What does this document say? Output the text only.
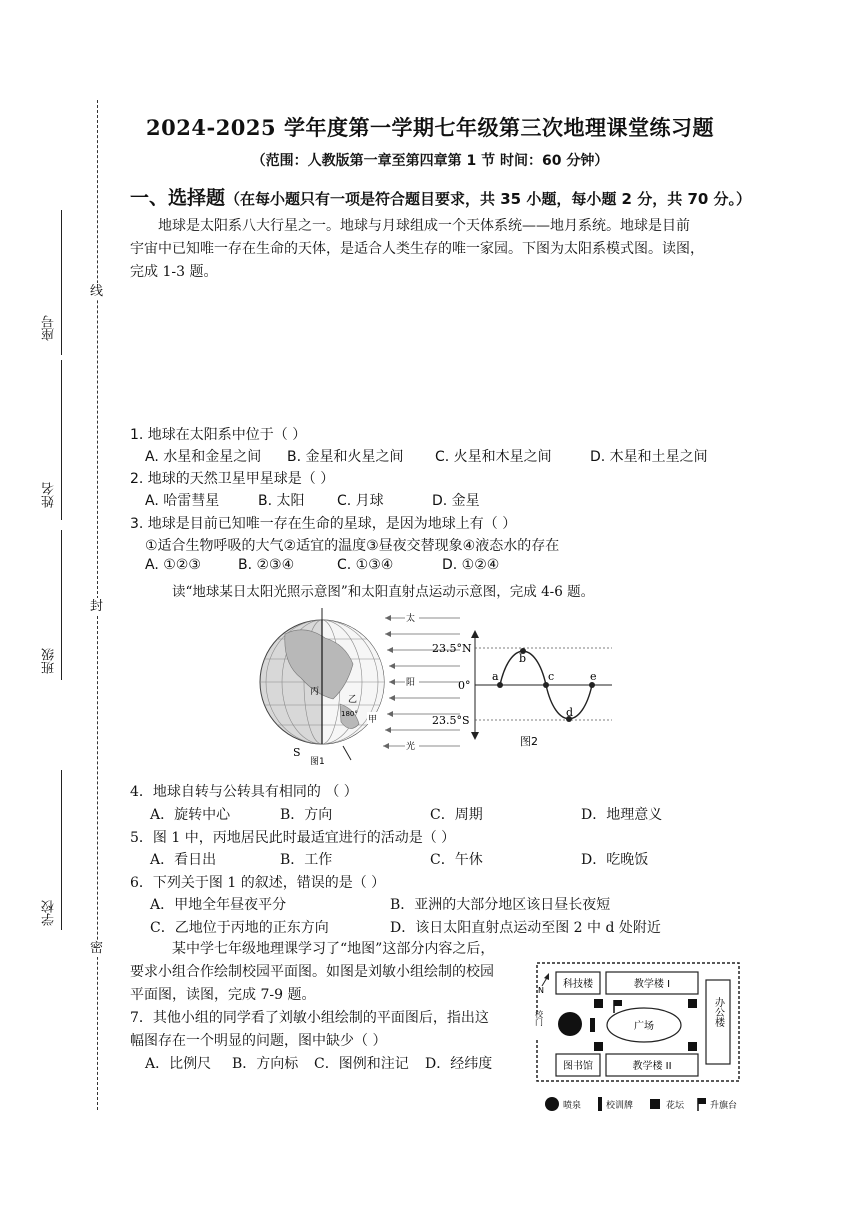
线
封
密
座号
姓名
班级
学校
2024-2025 学年度第一学期七年级第三次地理课堂练习题
（范围：人教版第一章至第四章第 1 节 时间：60 分钟）
一、选择题（在每小题只有一项是符合题目要求，共 35 小题，每小题 2 分，共 70 分。）
地球是太阳系八大行星之一。地球与月球组成一个天体系统——地月系统。地球是目前
宇宙中已知唯一存在生命的天体，是适合人类生存的唯一家园。下图为太阳系模式图。读图，
完成 1-3 题。
1. 地球在太阳系中位于（ ）
A. 水星和金星之间 B. 金星和火星之间 C. 火星和木星之间	D. 木星和土星之间
2. 地球的天然卫星甲星球是（ ）
A. 哈雷彗星	B. 太阳 C. 月球	D. 金星
3. 地球是目前已知唯一存在生命的星球，是因为地球上有（ ）
①适合生物呼吸的大气②适宜的温度③昼夜交替现象④液态水的存在
A. ①②③	B. ②③④	C. ①③④	D. ①②④
读“地球某日太阳光照示意图”和太阳直射点运动示意图，完成 4-6 题。
S
丙
180°
乙
太
阳
光
甲
图1
23.5°N
0°
23.5°S
a
b
c
d
e
图2
4．地球自转与公转具有相同的 （ ）
A．旋转中心	B．方向	C．周期	D．地理意义
5．图 1 中，丙地居民此时最适宜进行的活动是（ ）
A．看日出	B．工作	C．午休	D．吃晚饭
6．下列关于图 1 的叙述，错误的是（ ）
A．甲地全年昼夜平分	B．亚洲的大部分地区该日昼长夜短
C．乙地位于丙地的正东方向	D．该日太阳直射点运动至图 2 中 d 处附近
某中学七年级地理课学习了“地图”这部分内容之后，
要求小组合作绘制校园平面图。如图是刘敏小组绘制的校园
平面图，读图，完成 7-9 题。
7．其他小组的同学看了刘敏小组绘制的平面图后，指出这
幅图存在一个明显的问题，图中缺少（ ）
A．比例尺 B．方向标 C．图例和注记 D．经纬度
N
科技楼	教学楼 I
图书馆	教学楼 II
办公楼
广场
校门
喷泉	校训牌	花坛	升旗台
